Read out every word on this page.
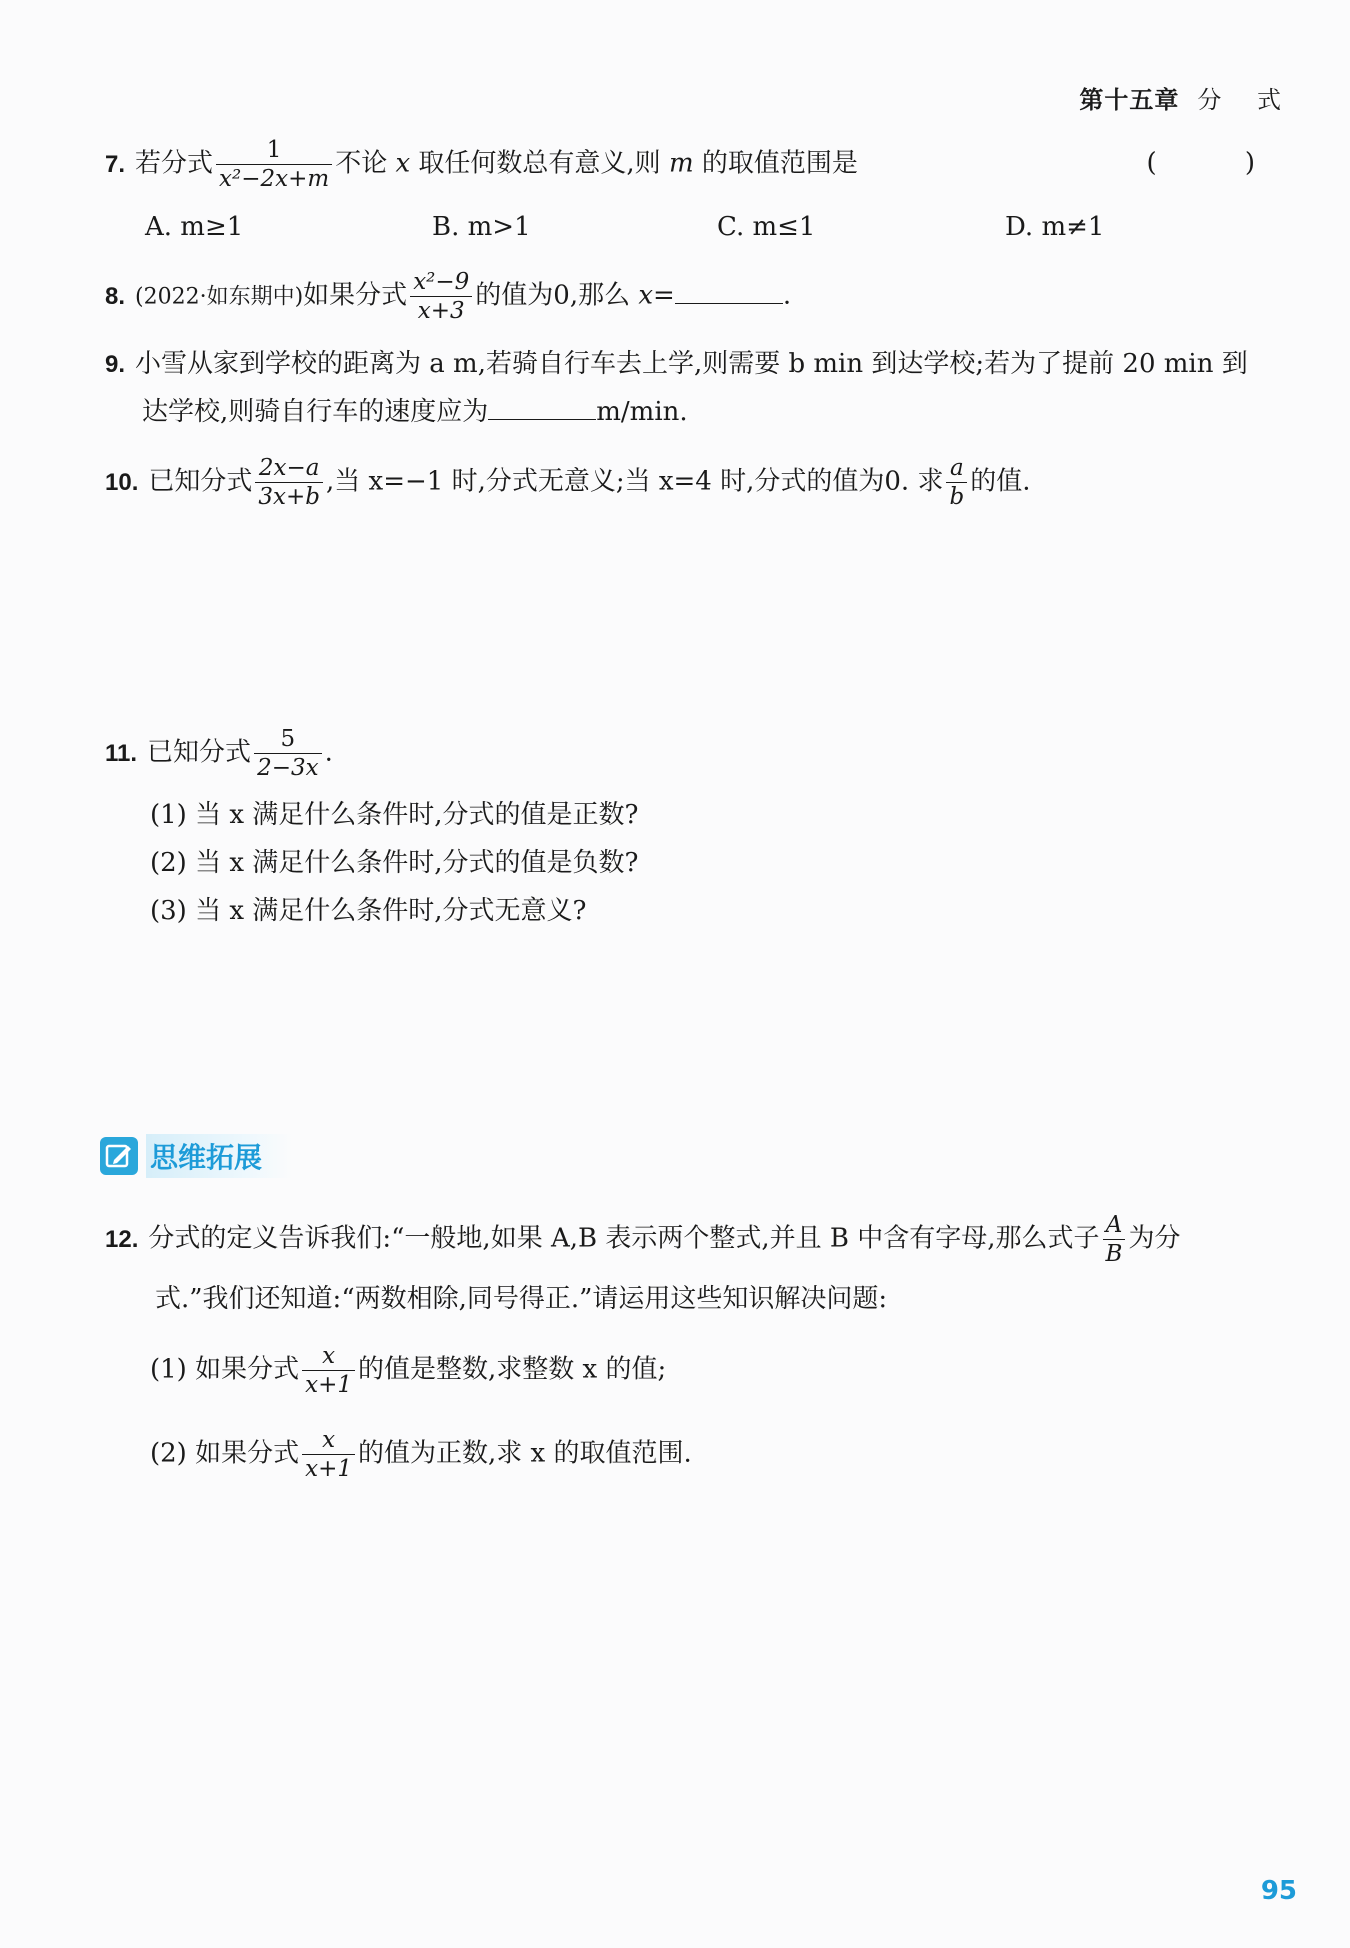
第十五章 分 式
7. 若分式 $\frac{1}{\text{x²−2x+m}}$ 不论 x 取任何数总有意义,则 m 的取值范围是	( )
A. m≥1	B. m>1	C. m≤1	D. m≠1
8. (2022·如东期中)如果分式 $\frac{\text{x²−9}}{x+3}$ 的值为0,那么 x=	.
9. 小雪从家到学校的距离为 a m,若骑自行车去上学,则需要 b min 到达学校;若为了提前 20 min 到
达学校,则骑自行车的速度应为	m/min.
10. 已知分式 $\frac{2x-a}{3x+b}$ ,当 x=−1 时,分式无意义;当 x=4 时,分式的值为0. 求 $\frac{a}{b}$ 的值.
11. 已知分式 $\frac{5}{2-3x}$ .
(1) 当 x 满足什么条件时,分式的值是正数?
(2) 当 x 满足什么条件时,分式的值是负数?
(3) 当 x 满足什么条件时,分式无意义?
思维拓展
12. 分式的定义告诉我们:“一般地,如果 A,B 表示两个整式,并且 B 中含有字母,那么式子 $\frac{A}{B}$ 为分
式.”我们还知道:“两数相除,同号得正.”请运用这些知识解决问题:
(1) 如果分式 $\frac{x}{x+1}$ 的值是整数,求整数 x 的值;
(2) 如果分式 $\frac{x}{x+1}$ 的值为正数,求 x 的取值范围.
95
